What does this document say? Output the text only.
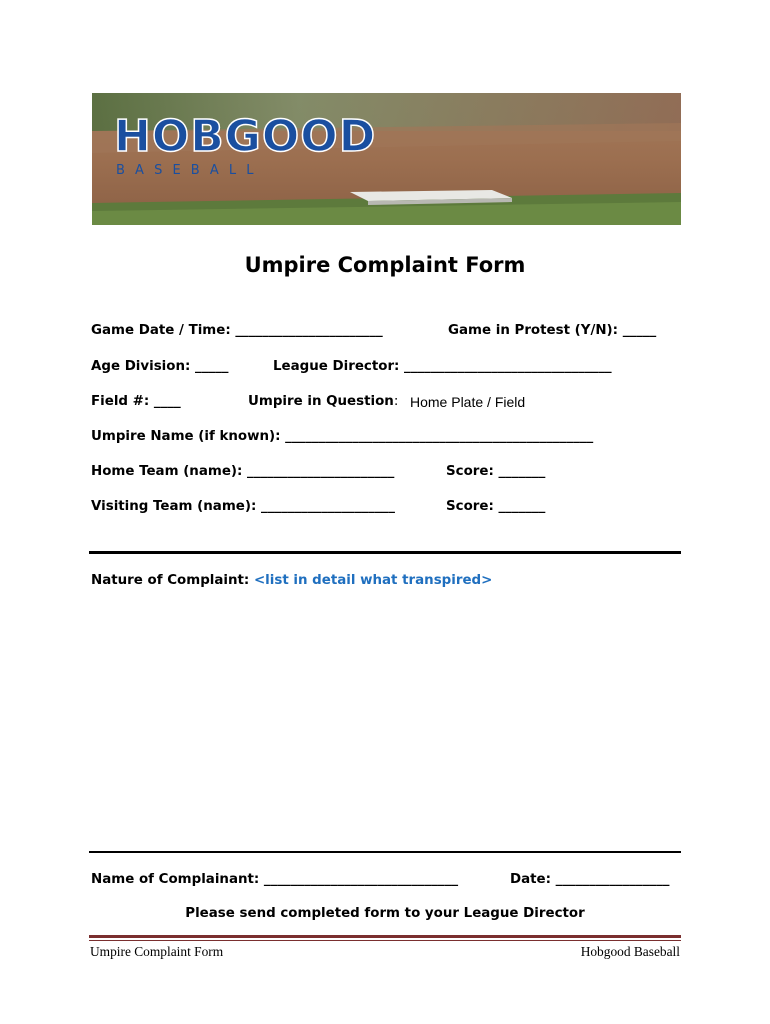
HOBGOOD
B A S E B A L L
Umpire Complaint Form
Game Date / Time: ______________________	Game in Protest (Y/N): _____
Age Division: _____	League Director: _______________________________
Field #: ____	Umpire in Question: Home Plate / Field
Umpire Name (if known): ______________________________________________
Home Team (name): ______________________	Score: _______
Visiting Team (name): ____________________	Score: _______
Nature of Complaint: <list in detail what transpired>
Name of Complainant: _____________________________	Date: _________________
Please send completed form to your League Director
Umpire Complaint Form	Hobgood Baseball
